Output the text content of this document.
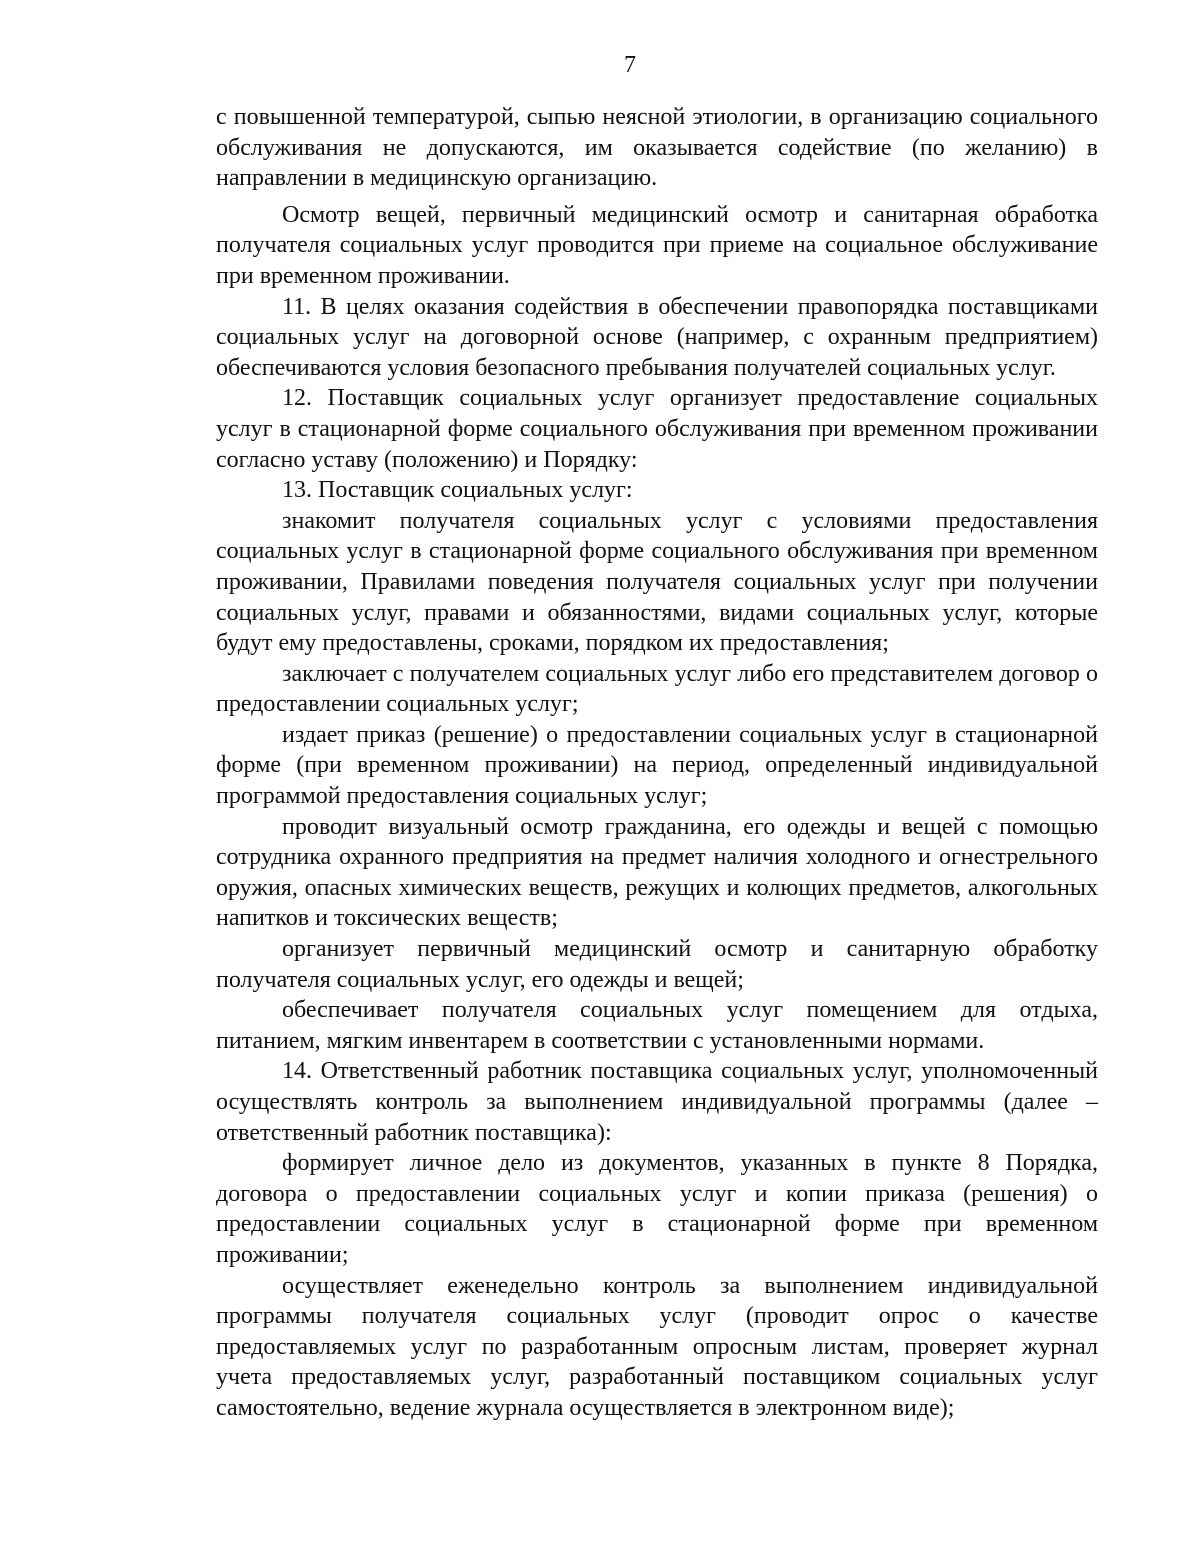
7

с повышенной температурой, сыпью неясной этиологии, в организацию социального обслуживания не допускаются, им оказывается содействие (по желанию) в направлении в медицинскую организацию.

Осмотр вещей, первичный медицинский осмотр и санитарная обработка получателя социальных услуг проводится при приеме на социальное обслуживание при временном проживании.

11. В целях оказания содействия в обеспечении правопорядка поставщиками социальных услуг на договорной основе (например, с охранным предприятием) обеспечиваются условия безопасного пребывания получателей социальных услуг.

12. Поставщик социальных услуг организует предоставление социальных услуг в стационарной форме социального обслуживания при временном проживании согласно уставу (положению) и Порядку:

13. Поставщик социальных услуг:

знакомит получателя социальных услуг с условиями предоставления социальных услуг в стационарной форме социального обслуживания при временном проживании, Правилами поведения получателя социальных услуг при получении социальных услуг, правами и обязанностями, видами социальных услуг, которые будут ему предоставлены, сроками, порядком их предоставления;

заключает с получателем социальных услуг либо его представителем договор о предоставлении социальных услуг;

издает приказ (решение) о предоставлении социальных услуг в стационарной форме (при временном проживании) на период, определенный индивидуальной программой предоставления социальных услуг;

проводит визуальный осмотр гражданина, его одежды и вещей с помощью сотрудника охранного предприятия на предмет наличия холодного и огнестрельного оружия, опасных химических веществ, режущих и колющих предметов, алкогольных напитков и токсических веществ;

организует первичный медицинский осмотр и санитарную обработку получателя социальных услуг, его одежды и вещей;

обеспечивает получателя социальных услуг помещением для отдыха, питанием, мягким инвентарем в соответствии с установленными нормами.

14. Ответственный работник поставщика социальных услуг, уполномоченный осуществлять контроль за выполнением индивидуальной программы (далее – ответственный работник поставщика):

формирует личное дело из документов, указанных в пункте 8 Порядка, договора о предоставлении социальных услуг и копии приказа (решения) о предоставлении социальных услуг в стационарной форме при временном проживании;

осуществляет еженедельно контроль за выполнением индивидуальной программы получателя социальных услуг (проводит опрос о качестве предоставляемых услуг по разработанным опросным листам, проверяет журнал учета предоставляемых услуг, разработанный поставщиком социальных услуг самостоятельно, ведение журнала осуществляется в электронном виде);
